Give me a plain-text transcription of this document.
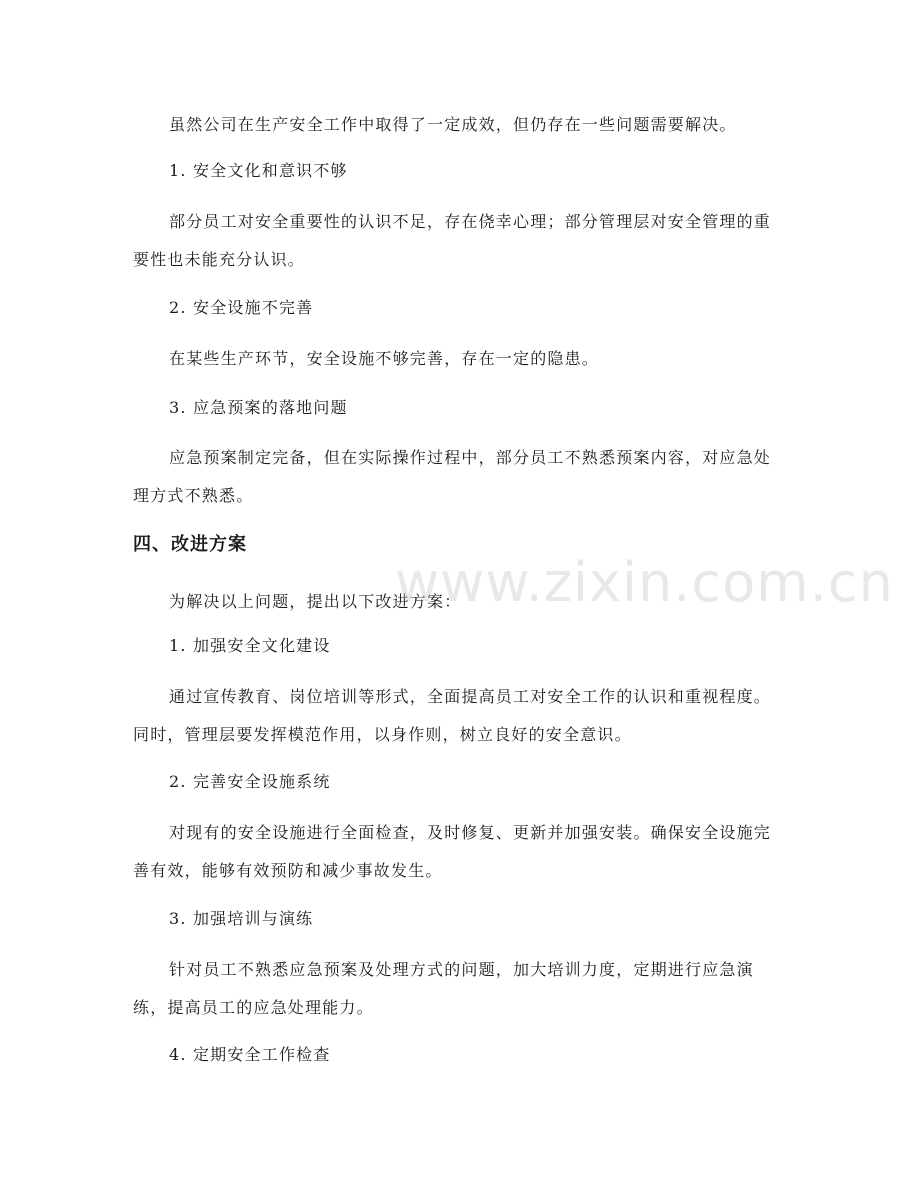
虽然公司在生产安全工作中取得了一定成效，但仍存在一些问题需要解决。

1. 安全文化和意识不够

部分员工对安全重要性的认识不足，存在侥幸心理；部分管理层对安全管理的重要性也未能充分认识。

2. 安全设施不完善

在某些生产环节，安全设施不够完善，存在一定的隐患。

3. 应急预案的落地问题

应急预案制定完备，但在实际操作过程中，部分员工不熟悉预案内容，对应急处理方式不熟悉。

四、改进方案

为解决以上问题，提出以下改进方案：

1. 加强安全文化建设

通过宣传教育、岗位培训等形式，全面提高员工对安全工作的认识和重视程度。同时，管理层要发挥模范作用，以身作则，树立良好的安全意识。

2. 完善安全设施系统

对现有的安全设施进行全面检查，及时修复、更新并加强安装。确保安全设施完善有效，能够有效预防和减少事故发生。

3. 加强培训与演练

针对员工不熟悉应急预案及处理方式的问题，加大培训力度，定期进行应急演练，提高员工的应急处理能力。

4. 定期安全工作检查

www.zixin.com.cn
